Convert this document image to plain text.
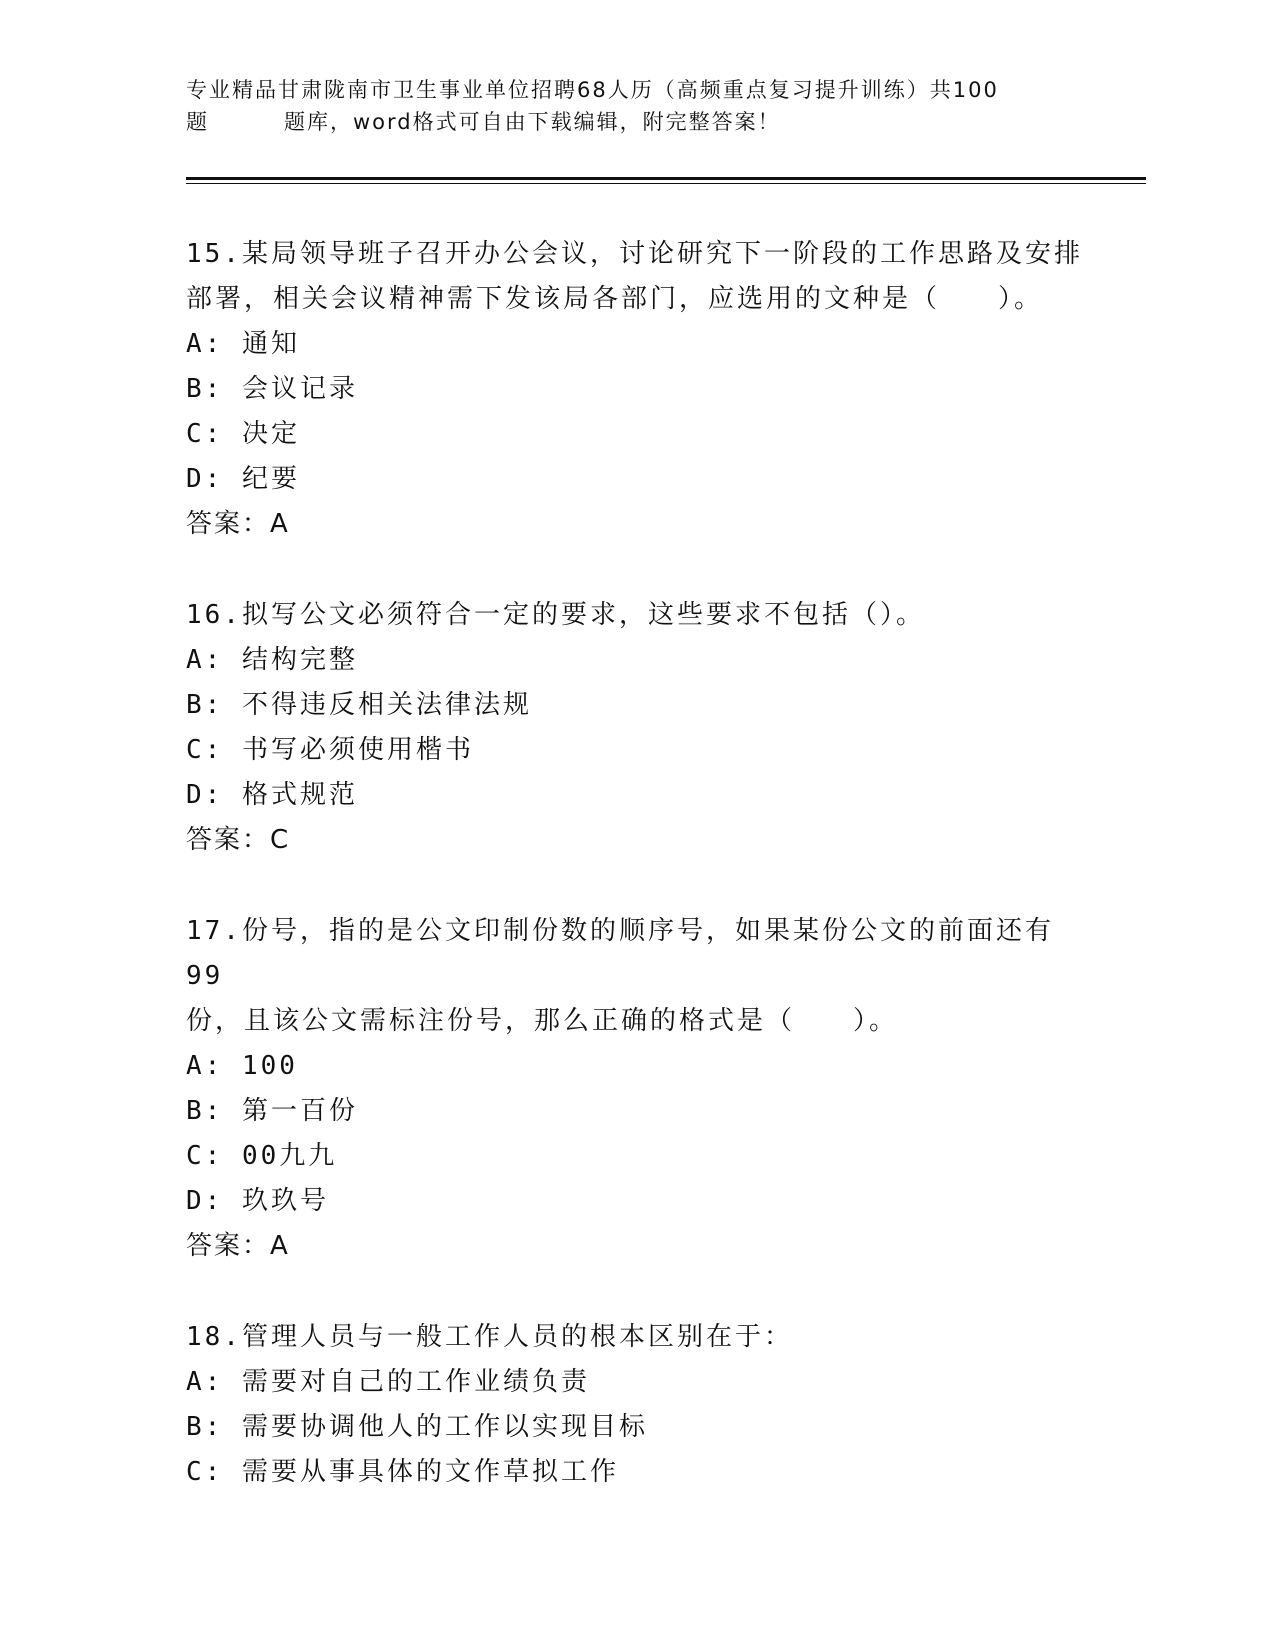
专业精品甘肃陇南市卫生事业单位招聘68人历（高频重点复习提升训练）共100
题	题库，word格式可自由下载编辑，附完整答案！
15.某局领导班子召开办公会议，讨论研究下一阶段的工作思路及安排
部署，相关会议精神需下发该局各部门，应选用的文种是（　　）。
A: 通知
B: 会议记录
C: 决定
D: 纪要
答案：A
16.拟写公文必须符合一定的要求，这些要求不包括（）。
A: 结构完整
B: 不得违反相关法律法规
C: 书写必须使用楷书
D: 格式规范
答案：C
17.份号，指的是公文印制份数的顺序号，如果某份公文的前面还有99
份，且该公文需标注份号，那么正确的格式是（　　）。
A: 100
B: 第一百份
C: 00九九
D: 玖玖号
答案：A
18.管理人员与一般工作人员的根本区别在于：
A: 需要对自己的工作业绩负责
B: 需要协调他人的工作以实现目标
C: 需要从事具体的文作草拟工作
